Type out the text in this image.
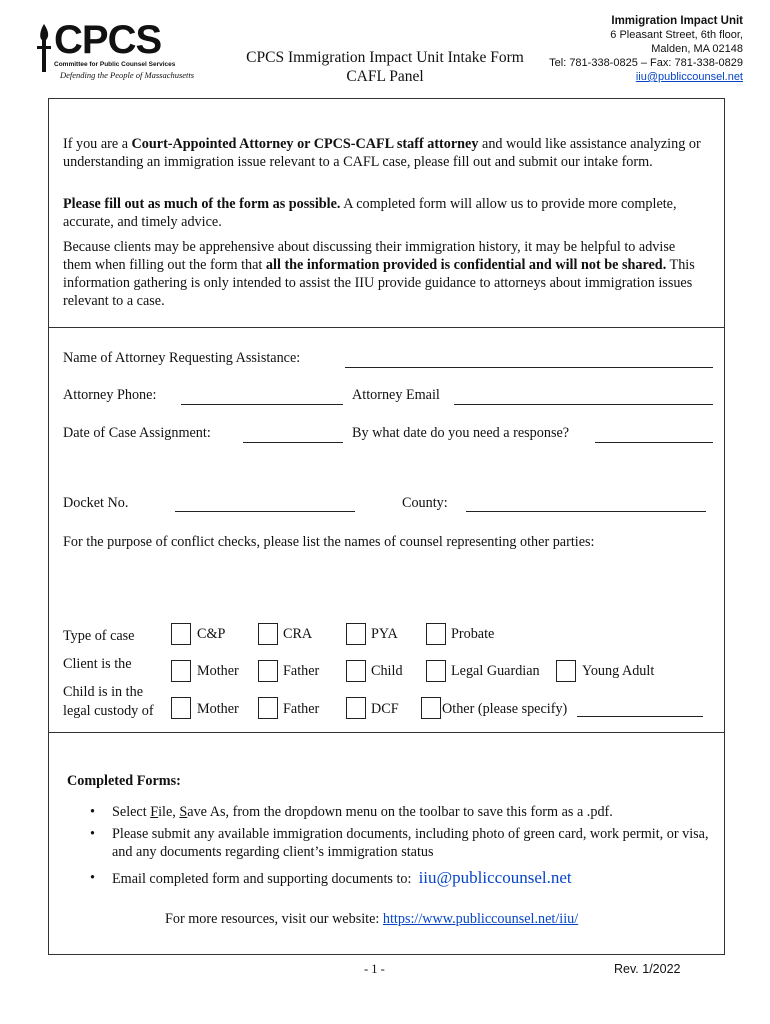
CPCS
Committee for Public Counsel Services
Defending the People of Massachusetts
CPCS Immigration Impact Unit Intake Form
CAFL Panel
Immigration Impact Unit
6 Pleasant Street, 6th floor,
Malden, MA 02148
Tel: 781-338-0825 – Fax: 781-338-0829
iiu@publiccounsel.net
If you are a Court-Appointed Attorney or CPCS-CAFL staff attorney and would like assistance analyzing or understanding an immigration issue relevant to a CAFL case, please fill out and submit our intake form.
Please fill out as much of the form as possible. A completed form will allow us to provide more complete, accurate, and timely advice.
Because clients may be apprehensive about discussing their immigration history, it may be helpful to advise them when filling out the form that all the information provided is confidential and will not be shared. This information gathering is only intended to assist the IIU provide guidance to attorneys about immigration issues relevant to a case.
Name of Attorney Requesting Assistance:
Attorney Phone:	Attorney Email
Date of Case Assignment:	By what date do you need a response?
Docket No.	County:
For the purpose of conflict checks, please list the names of counsel representing other parties:
Type of case	C&P	CRA	PYA	Probate
Client is the	Mother	Father	Child	Legal Guardian	Young Adult
Child is in the
legal custody of	Mother	Father	DCF	Other (please specify)
Completed Forms:
• Select File, Save As, from the dropdown menu on the toolbar to save this form as a .pdf.
• Please submit any available immigration documents, including photo of green card, work permit, or visa, and any documents regarding client’s immigration status
• Email completed form and supporting documents to: iiu@publiccounsel.net
For more resources, visit our website: https://www.publiccounsel.net/iiu/
- 1 -	Rev. 1/2022
